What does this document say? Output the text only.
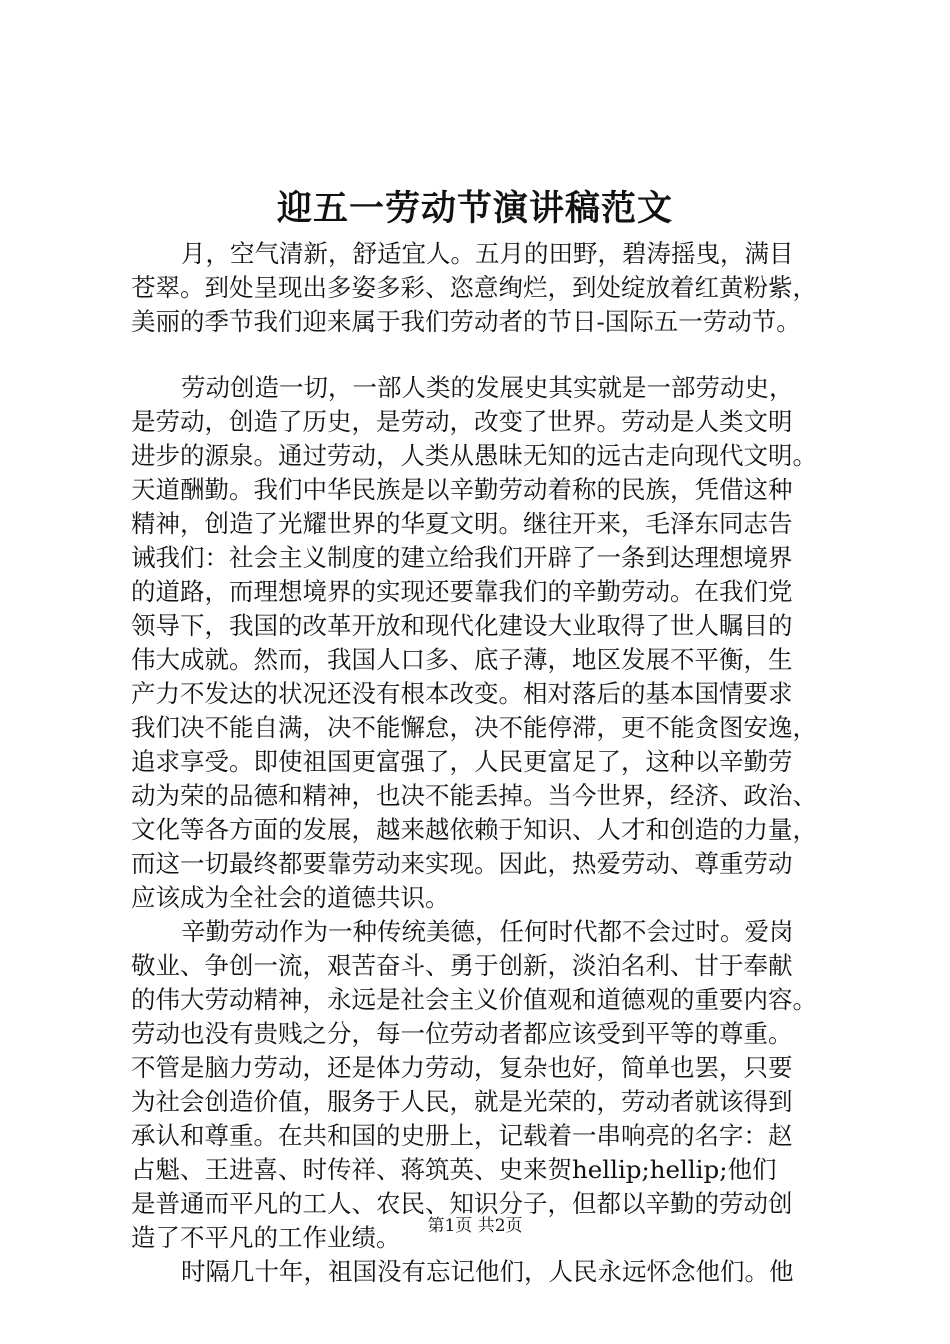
迎五一劳动节演讲稿范文
月，空气清新，舒适宜人。五月的田野，碧涛摇曳，满目
苍翠。到处呈现出多姿多彩、恣意绚烂，到处绽放着红黄粉紫，
美丽的季节我们迎来属于我们劳动者的节日-国际五一劳动节。
劳动创造一切，一部人类的发展史其实就是一部劳动史，
是劳动，创造了历史，是劳动，改变了世界。劳动是人类文明
进步的源泉。通过劳动，人类从愚昧无知的远古走向现代文明。
天道酬勤。我们中华民族是以辛勤劳动着称的民族，凭借这种
精神，创造了光耀世界的华夏文明。继往开来，毛泽东同志告
诫我们：社会主义制度的建立给我们开辟了一条到达理想境界
的道路，而理想境界的实现还要靠我们的辛勤劳动。在我们党
领导下，我国的改革开放和现代化建设大业取得了世人瞩目的
伟大成就。然而，我国人口多、底子薄，地区发展不平衡，生
产力不发达的状况还没有根本改变。相对落后的基本国情要求
我们决不能自满，决不能懈怠，决不能停滞，更不能贪图安逸，
追求享受。即使祖国更富强了，人民更富足了，这种以辛勤劳
动为荣的品德和精神，也决不能丢掉。当今世界，经济、政治、
文化等各方面的发展，越来越依赖于知识、人才和创造的力量，
而这一切最终都要靠劳动来实现。因此，热爱劳动、尊重劳动
应该成为全社会的道德共识。
辛勤劳动作为一种传统美德，任何时代都不会过时。爱岗
敬业、争创一流，艰苦奋斗、勇于创新，淡泊名利、甘于奉献
的伟大劳动精神，永远是社会主义价值观和道德观的重要内容。
劳动也没有贵贱之分，每一位劳动者都应该受到平等的尊重。
不管是脑力劳动，还是体力劳动，复杂也好，简单也罢，只要
为社会创造价值，服务于人民，就是光荣的，劳动者就该得到
承认和尊重。在共和国的史册上，记载着一串响亮的名字：赵
占魁、王进喜、时传祥、蒋筑英、史来贺hellip;hellip;他们
是普通而平凡的工人、农民、知识分子，但都以辛勤的劳动创
造了不平凡的工作业绩。
时隔几十年，祖国没有忘记他们，人民永远怀念他们。他
第1页 共2页
